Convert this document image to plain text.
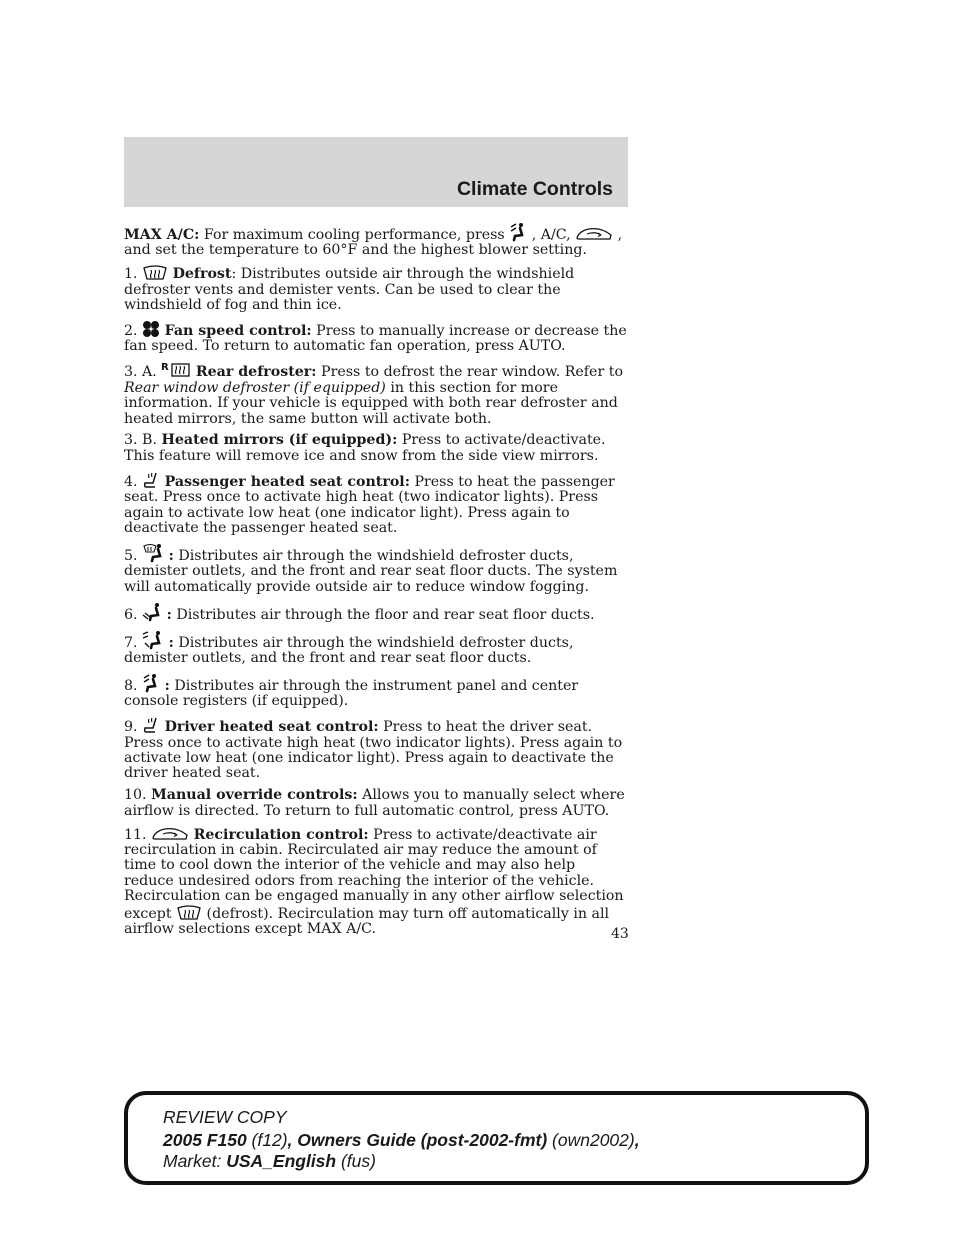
Climate Controls

MAX A/C: For maximum cooling performance, press
, A/C,	, and set the temperature to 60°F and the highest blower setting.

1.
Defrost: Distributes outside air through the windshield defroster vents and demister vents. Can be used to clear the windshield of fog and thin ice.

2.
Fan speed control: Press to manually increase or decrease the fan speed. To return to automatic fan operation, press AUTO.

3. A. R Rear defroster: Press to defrost the rear window. Refer to Rear window defroster (if equipped) in this section for more information. If your vehicle is equipped with both rear defroster and heated mirrors, the same button will activate both.

3. B. Heated mirrors (if equipped): Press to activate/deactivate. This feature will remove ice and snow from the side view mirrors.

4.
Passenger heated seat control: Press to heat the passenger seat. Press once to activate high heat (two indicator lights). Press again to activate low heat (one indicator light). Press again to deactivate the passenger heated seat.

5.
: Distributes air through the windshield defroster ducts, demister outlets, and the front and rear seat floor ducts. The system will automatically provide outside air to reduce window fogging.

6.
: Distributes air through the floor and rear seat floor ducts.

7.
: Distributes air through the windshield defroster ducts, demister outlets, and the front and rear seat floor ducts.

8.
: Distributes air through the instrument panel and center console registers (if equipped).

9.
Driver heated seat control: Press to heat the driver seat. Press once to activate high heat (two indicator lights). Press again to activate low heat (one indicator light). Press again to deactivate the driver heated seat.

10. Manual override controls: Allows you to manually select where airflow is directed. To return to full automatic control, press AUTO.

11.	Recirculation control: Press to activate/deactivate air recirculation in cabin. Recirculated air may reduce the amount of time to cool down the interior of the vehicle and may also help reduce undesired odors from reaching the interior of the vehicle. Recirculation can be engaged manually in any other airflow selection except
(defrost). Recirculation may turn off automatically in all airflow selections except MAX A/C.	43
REVIEW COPY
2005 F150 (f12), Owners Guide (post-2002-fmt) (own2002),
Market: USA_English (fus)
